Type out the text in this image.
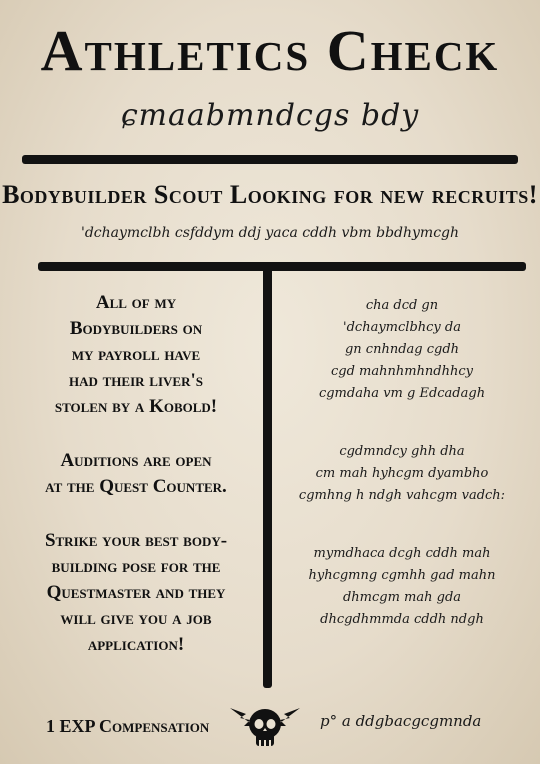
Athletics Check
ɕmaabmndcgs bdy
Bodybuilder Scout Looking for new recruits!
'dchaymclbh csfddym ddj yaca cddh vbm bbdhymcgh

All of my
Bodybuilders on
my payroll have
had their liver's
stolen by a Kobold!

Auditions are open
at the Quest Counter.

Strike your best body-
building pose for the
Questmaster and they
will give you a job
application!

cha dcd gn
'dchaymclbhcy da
gn cnhndag cgdh
cgd mahnhmhndhhcy
cgmdaha vm g Edcadagh

cgdmndcy ghh dha
cm mah hyhcgm dyambho
cgmhng h ndgh vahcgm vadch:

mymdhaca dcgh cddh mah
hyhcgmng cgmhh gad mahn
dhmcgm mah gda
dhcgdhmmda cddh ndgh

1 EXP Compensation	p° a ddgbacgcgmnda
